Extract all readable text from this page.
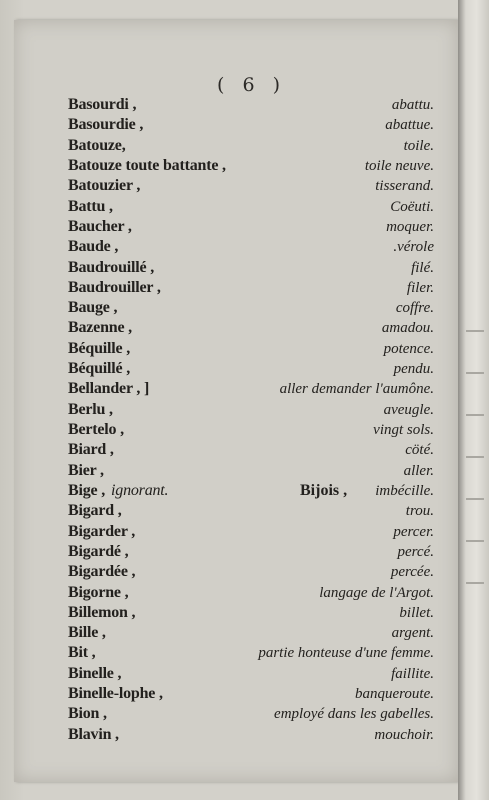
( 6 )
Basourdi ,	abattu.
Basourdie ,	abattue.
Batouze,	toile.
Batouze toute battante ,	toile neuve.
Batouzier ,	tisserand.
Battu ,	Coëuti.
Baucher ,	moquer.
Baude ,	.vérole
Baudrouillé ,	filé.
Baudrouiller ,	filer.
Bauge ,	coffre.
Bazenne ,	amadou.
Béquille ,	potence.
Béquillé ,	pendu.
Bellander , ]	aller demander l'aumône.
Berlu ,	aveugle.
Bertelo ,	vingt sols.
Biard ,	cöté.
Bier ,	aller.
Bige , ignorant.	Bijois , imbécille.
Bigard ,	trou.
Bigarder ,	percer.
Bigardé ,	percé.
Bigardée ,	percée.
Bigorne ,	langage de l'Argot.
Billemon ,	billet.
Bille ,	argent.
Bit ,	partie honteuse d'une femme.
Binelle ,	faillite.
Binelle-lophe ,	banqueroute.
Bion ,	employé dans les gabelles.
Blavin ,	mouchoir.
